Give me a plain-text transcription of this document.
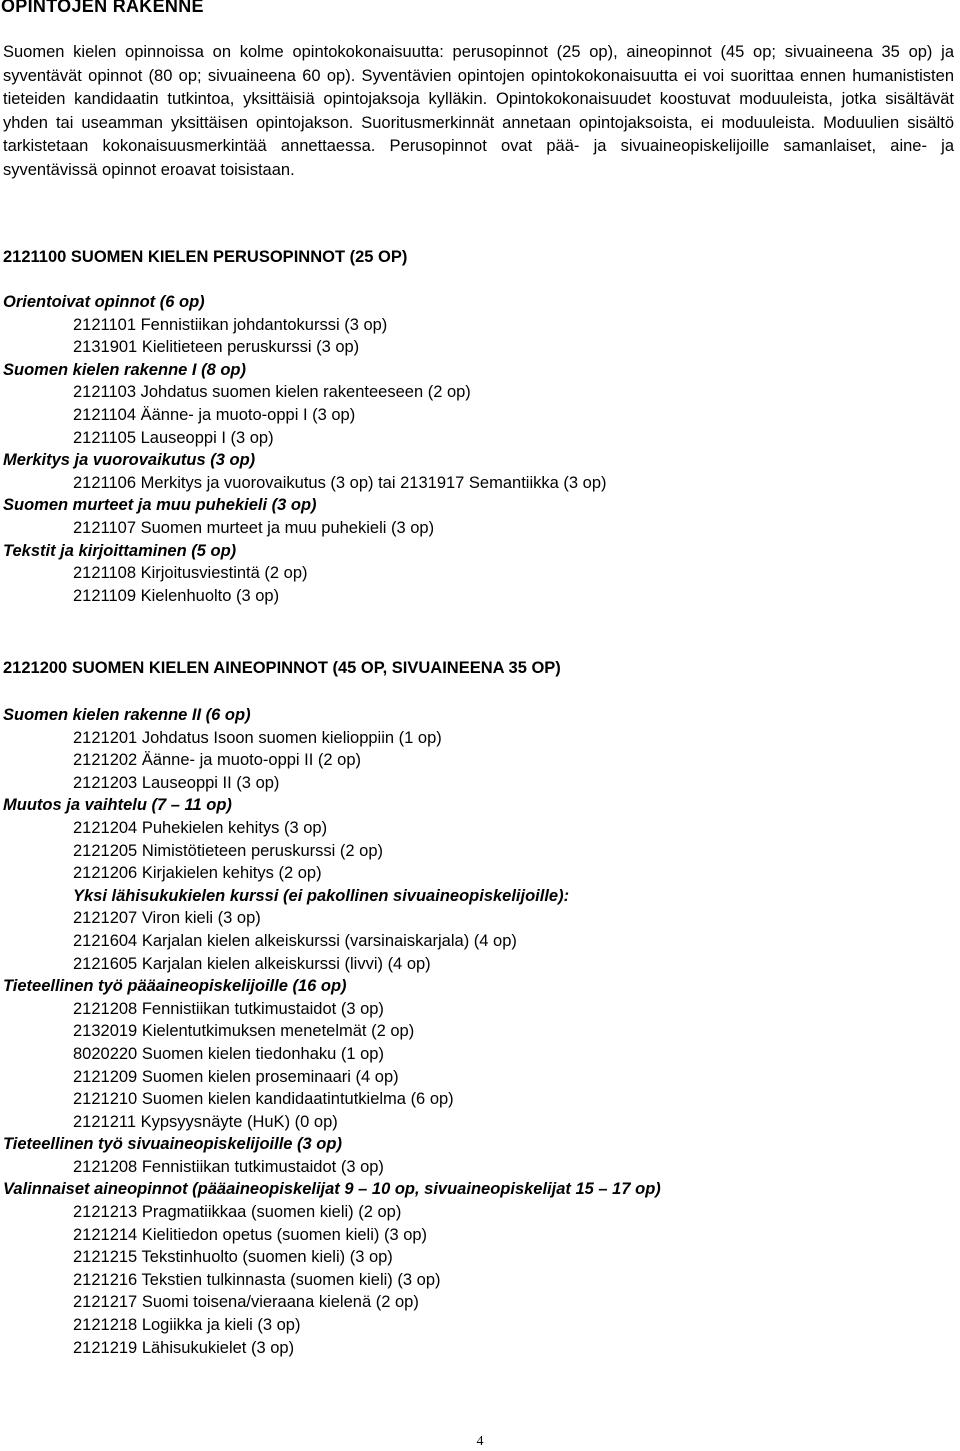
OPINTOJEN RAKENNE

Suomen kielen opinnoissa on kolme opintokokonaisuutta: perusopinnot (25 op), aineopinnot (45 op; sivuaineena 35 op) ja syventävät opinnot (80 op; sivuaineena 60 op). Syventävien opintojen opintokokonaisuutta ei voi suorittaa ennen humanististen tieteiden kandidaatin tutkintoa, yksittäisiä opintojaksoja kylläkin. Opintokokonaisuudet koostuvat moduuleista, jotka sisältävät yhden tai useamman yksittäisen opintojakson. Suoritusmerkinnät annetaan opintojaksoista, ei moduuleista. Moduulien sisältö tarkistetaan kokonaisuusmerkintää annettaessa. Perusopinnot ovat pää- ja sivuaineopiskelijoille samanlaiset, aine- ja syventävissä opinnot eroavat toisistaan.

2121100 SUOMEN KIELEN PERUSOPINNOT (25 OP)
Orientoivat opinnot (6 op)
2121101 Fennistiikan johdantokurssi (3 op)
2131901 Kielitieteen peruskurssi (3 op)
Suomen kielen rakenne I (8 op)
2121103 Johdatus suomen kielen rakenteeseen (2 op)
2121104 Äänne- ja muoto-oppi I (3 op)
2121105 Lauseoppi I (3 op)
Merkitys ja vuorovaikutus (3 op)
2121106 Merkitys ja vuorovaikutus (3 op) tai 2131917 Semantiikka (3 op)
Suomen murteet ja muu puhekieli (3 op)
2121107 Suomen murteet ja muu puhekieli (3 op)
Tekstit ja kirjoittaminen (5 op)
2121108 Kirjoitusviestintä (2 op)
2121109 Kielenhuolto (3 op)
2121200 SUOMEN KIELEN AINEOPINNOT (45 OP, SIVUAINEENA 35 OP)
Suomen kielen rakenne II (6 op)
2121201 Johdatus Isoon suomen kielioppiin (1 op)
2121202 Äänne- ja muoto-oppi II (2 op)
2121203 Lauseoppi II (3 op)
Muutos ja vaihtelu (7 – 11 op)
2121204 Puhekielen kehitys (3 op)
2121205 Nimistötieteen peruskurssi (2 op)
2121206 Kirjakielen kehitys (2 op)
Yksi lähisukukielen kurssi (ei pakollinen sivuaineopiskelijoille):
2121207 Viron kieli (3 op)
2121604 Karjalan kielen alkeiskurssi (varsinaiskarjala) (4 op)
2121605 Karjalan kielen alkeiskurssi (livvi) (4 op)
Tieteellinen työ pääaineopiskelijoille (16 op)
2121208 Fennistiikan tutkimustaidot (3 op)
2132019 Kielentutkimuksen menetelmät (2 op)
8020220 Suomen kielen tiedonhaku (1 op)
2121209 Suomen kielen proseminaari (4 op)
2121210 Suomen kielen kandidaatintutkielma (6 op)
2121211 Kypsyysnäyte (HuK) (0 op)
Tieteellinen työ sivuaineopiskelijoille (3 op)
2121208 Fennistiikan tutkimustaidot (3 op)
Valinnaiset aineopinnot (pääaineopiskelijat 9 – 10 op, sivuaineopiskelijat 15 – 17 op)
2121213 Pragmatiikkaa (suomen kieli) (2 op)
2121214 Kielitiedon opetus (suomen kieli) (3 op)
2121215 Tekstinhuolto (suomen kieli) (3 op)
2121216 Tekstien tulkinnasta (suomen kieli) (3 op)
2121217 Suomi toisena/vieraana kielenä (2 op)
2121218 Logiikka ja kieli (3 op)
2121219 Lähisukukielet (3 op)
4
